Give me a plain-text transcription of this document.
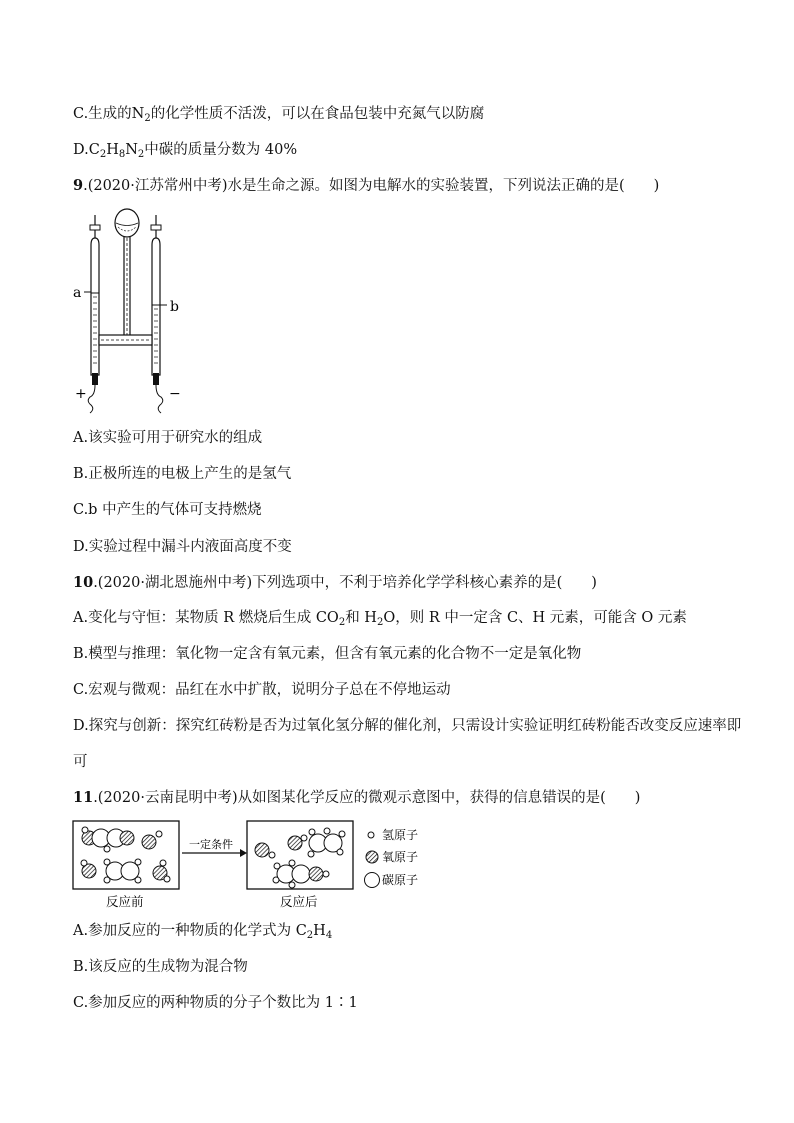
C.生成的$N_2$的化学性质不活泼，可以在食品包装中充氮气以防腐
$D.C_2H_8N_2$中碳的质量分数为 40%
9.(2020·江苏常州中考)水是生命之源。如图为电解水的实验装置，下列说法正确的是(　　)
a
b
+	−
A.该实验可用于研究水的组成
B.正极所连的电极上产生的是氢气
C.b 中产生的气体可支持燃烧
D.实验过程中漏斗内液面高度不变
10.(2020·湖北恩施州中考)下列选项中，不利于培养化学学科核心素养的是(　　)
A.变化与守恒：某物质 R 燃烧后生成 $CO_2$和 $H_2O$，则 R 中一定含 C、H 元素，可能含 O 元素
B.模型与推理：氧化物一定含有氧元素，但含有氧元素的化合物不一定是氧化物
C.宏观与微观：品红在水中扩散，说明分子总在不停地运动
D.探究与创新：探究红砖粉是否为过氧化氢分解的催化剂，只需设计实验证明红砖粉能否改变反应速率即
可
11.(2020·云南昆明中考)从如图某化学反应的微观示意图中，获得的信息错误的是(　　)
一定条件
反应前	反应后
氢原子
氧原子
碳原子
A.参加反应的一种物质的化学式为 $C_2H_4$
B.该反应的生成物为混合物
C.参加反应的两种物质的分子个数比为 1∶1
